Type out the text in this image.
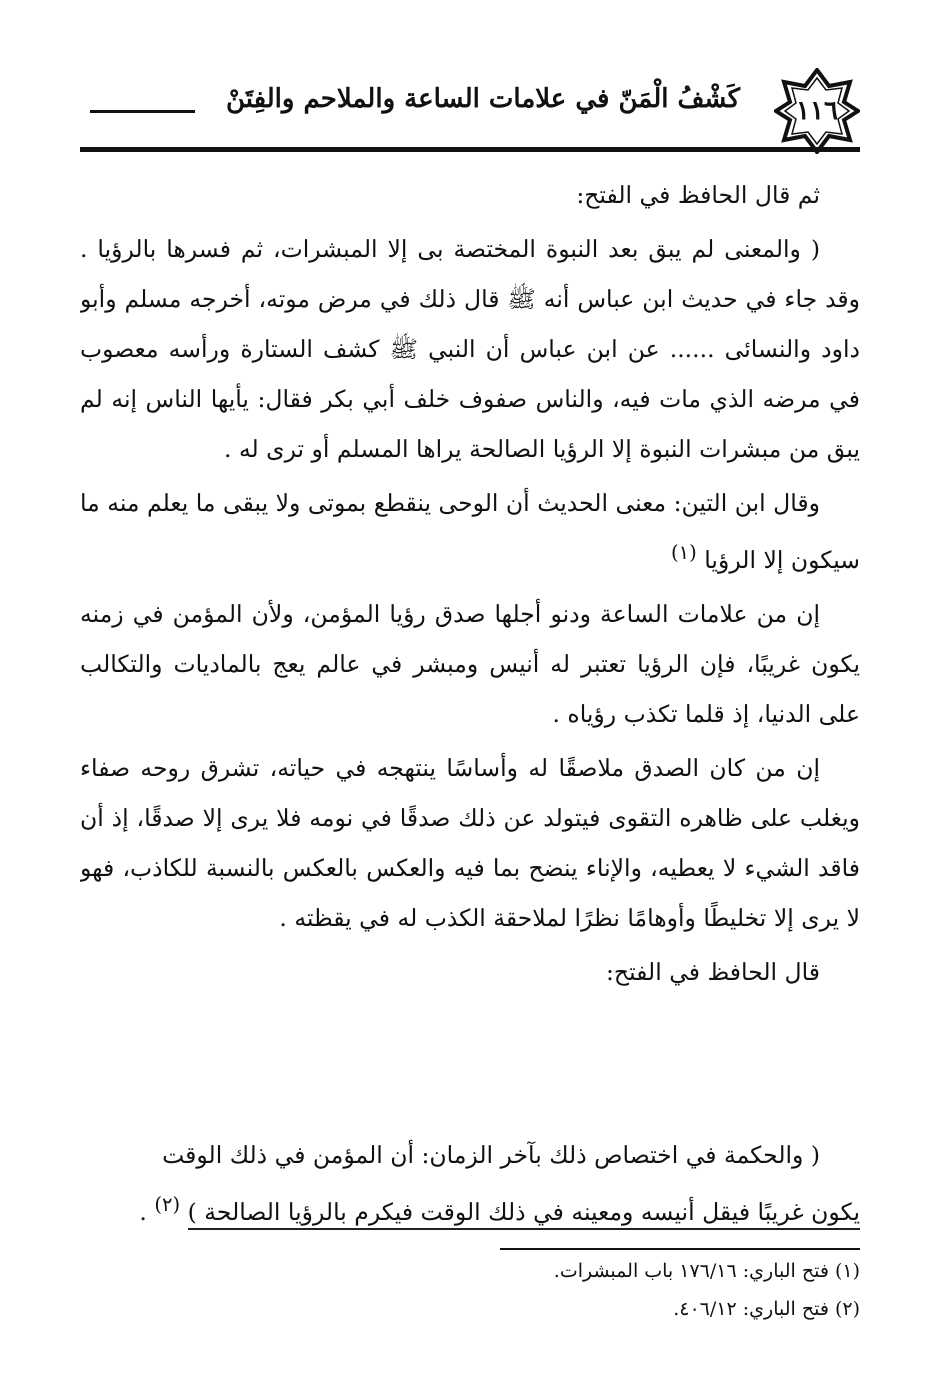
١١٦
كَشْفُ الْمَنّ في علامات الساعة والملاحم والفِتَنْ

ثم قال الحافظ في الفتح:

( والمعنى لم يبق بعد النبوة المختصة بى إلا المبشرات، ثم فسرها بالرؤيا . وقد جاء في حديث ابن عباس أنه ﷺ قال ذلك في مرض موته، أخرجه مسلم وأبو داود والنسائى ...... عن ابن عباس أن النبي ﷺ كشف الستارة ورأسه معصوب في مرضه الذي مات فيه، والناس صفوف خلف أبي بكر فقال: يأيها الناس إنه لم يبق من مبشرات النبوة إلا الرؤيا الصالحة يراها المسلم أو ترى له .

وقال ابن التين: معنى الحديث أن الوحى ينقطع بموتى ولا يبقى ما يعلم منه ما سيكون إلا الرؤيا $^{(١)}$

إن من علامات الساعة ودنو أجلها صدق رؤيا المؤمن، ولأن المؤمن في زمنه يكون غريبًا، فإن الرؤيا تعتبر له أنيس ومبشر في عالم يعج بالماديات والتكالب على الدنيا، إذ قلما تكذب رؤياه .

إن من كان الصدق ملاصقًا له وأساسًا ينتهجه في حياته، تشرق روحه صفاء ويغلب على ظاهره التقوى فيتولد عن ذلك صدقًا في نومه فلا يرى إلا صدقًا، إذ أن فاقد الشيء لا يعطيه، والإناء ينضح بما فيه والعكس بالعكس بالنسبة للكاذب، فهو لا يرى إلا تخليطًا وأوهامًا نظرًا لملاحقة الكذب له في يقظته .

قال الحافظ في الفتح:

( والحكمة في اختصاص ذلك بآخر الزمان: أن المؤمن في ذلك الوقت

يكون غريبًا فيقل أنيسه ومعينه في ذلك الوقت فيكرم بالرؤيا الصالحة ) $^{(٢)}$ .

(١) فتح الباري: ١٧٦/١٦ باب المبشرات.

(٢) فتح الباري: ٤٠٦/١٢.
